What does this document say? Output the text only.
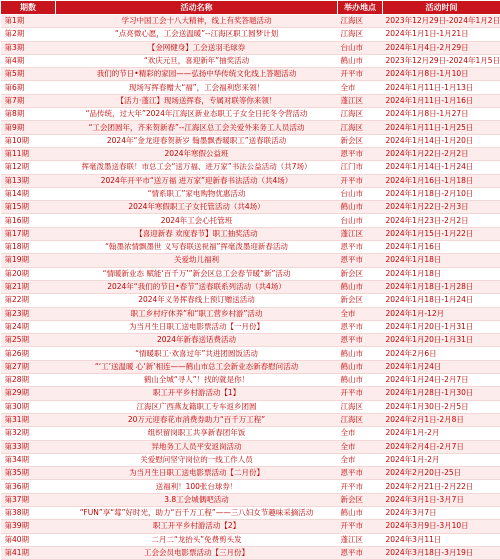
期数	活动名称	举办地点	活动时间
第1期	学习中国工会十八大精神，线上有奖答题活动	江海区	2023年12月29日-2024年1月2日
第2期	“点亮微心愿，工会送温暖”--江海区职工圆梦计划	江海区	2024年1月1日-1月21日
第3期	【金网健身】工会送羽毛球券	台山市	2024年1月4日-2月29日
第4期	“欢庆元旦，喜迎新年”抽奖活动	鹤山市	2023年12月29日-2024年1月5日
第5期	我们的节日•精彩的家园——弘扬中华传统文化线上答题活动	开平市	2024年1月8日-1月10日
第6期	现场写挥春赠大“福”，工会福利您来领！	全市	2024年1月11日-1月13日
第7期	【活力·蓬江】现场送挥春，专属对联等你来领！	蓬江区	2024年1月11日-1月16日
第8期	“品传统，过大年”2024年江海区新业态职工子女全日托冬令营活动	江海区	2024年1月8日-1月27日
第9期	“工会团圆年，齐来贺新春”--江海区总工会关爱外来务工人员活动	江海区	2024年1月11日-1月25日
第10期	2024年“金龙迎春贺新岁 翰墨飘香暖职工”送春联活动	新会区	2024年1月14日-1月20日
第11期	2024年寒假公益班	恩平市	2024年1月22日-2月2日
第12期	挥毫泼墨送春联！市总工会“送万福、进万家”书法公益活动（共7场）	江门市	2024年1月14日-1月24日
第13期	2024年开平市“送万福 进万家”迎新春书法活动（共4场）	开平市	2024年1月16日-1月18日
第14期	“情系职工”家电购物优惠活动	台山市	2024年1月18日-2月10日
第15期	2024年寒假职工子女托管活动（共4场）	鹤山市	2024年1月22日-2月3日
第16期	2024年工会心托管班	台山市	2024年1月23日-2月2日
第17期	【喜迎新春 欢度春节】职工抽奖活动	蓬江区	2024年1月15日-1月22日
第18期	“翰墨浓情飘墨世 义写春联送祝福”挥毫泼墨迎新春活动	恩平市	2024年1月16日
第19期	关爱幼儿福利	恩平市	2024年1月18日
第20期	“情暖新业态 赋能‘百千万’”新会区总工会春节暖“新”活动	新会区	2024年1月18日
第21期	2024年“我们的节日•春节”送春联系列活动（共4场）	鹤山市	2024年1月18日-1月28日
第22期	2024年义务挥春线上预订赠送活动	新会区	2024年1月18日-1月24日
第23期	职工乡村疗休养”和“职工营乡村游”活动	全市	2024年1月-12月
第24期	为当月生日职工送电影票活动【一月份】	恩平市	2024年1月20日-1月31日
第25期	2024年新春送话费活动	恩平市	2024年1月20日-1月31日
第26期	“情暖职工·欢喜过年”共进团圆饭活动	鹤山市	2024年2月6日
第27期	“‘工’送温暖 心‘新’相连——鹤山市总工会新业态新春慰问活动	鹤山市	2024年1月24日
第28期	鹤山全城“寻人”！找的就是你！	鹤山市	2024年1月24日-2月7日
第29期	职工开平乡村游活动【1】	开平市	2024年1月28日-1月30日
第30期	江海区广西燕友籍职工专车返乡团圆	江海区	2024年1月30日-2月5日
第31期	20万元迎春花市消费券助力“百千万工程”	江海区	2024年2月1日-2月8日
第32期	组织留岗职工共享新春团年饭	全市	2024年1月-2月
第33期	异地务工人员平安返岗活动	全市	2024年2月4日-2月7日
第34期	关爱慰问坚守岗位的一线工作人员	全市	2024年1月-2月
第35期	为当月生日职工送电影票活动【二月份】	恩平市	2024年2月20日-25日
第36期	送福利！100张台球券！	开平市	2024年2月21日-2月22日
第37期	3.8工会城偶吧活动	新会区	2024年3月1日-3月7日
第38期	“FUN”享“莓”好时光，助力“百千万工程”——三八妇女节趣味采摘活动	鹤山市	2024年3月7日
第39期	职工开平乡村游活动【2】	开平市	2024年3月9日-3月10日
第40期	二月二“龙抬头”免费剪头发	蓬江区	2024年3月11日
第41期	工会会员电影票活动【三月份】	恩平市	2024年3月18日-3月19日
